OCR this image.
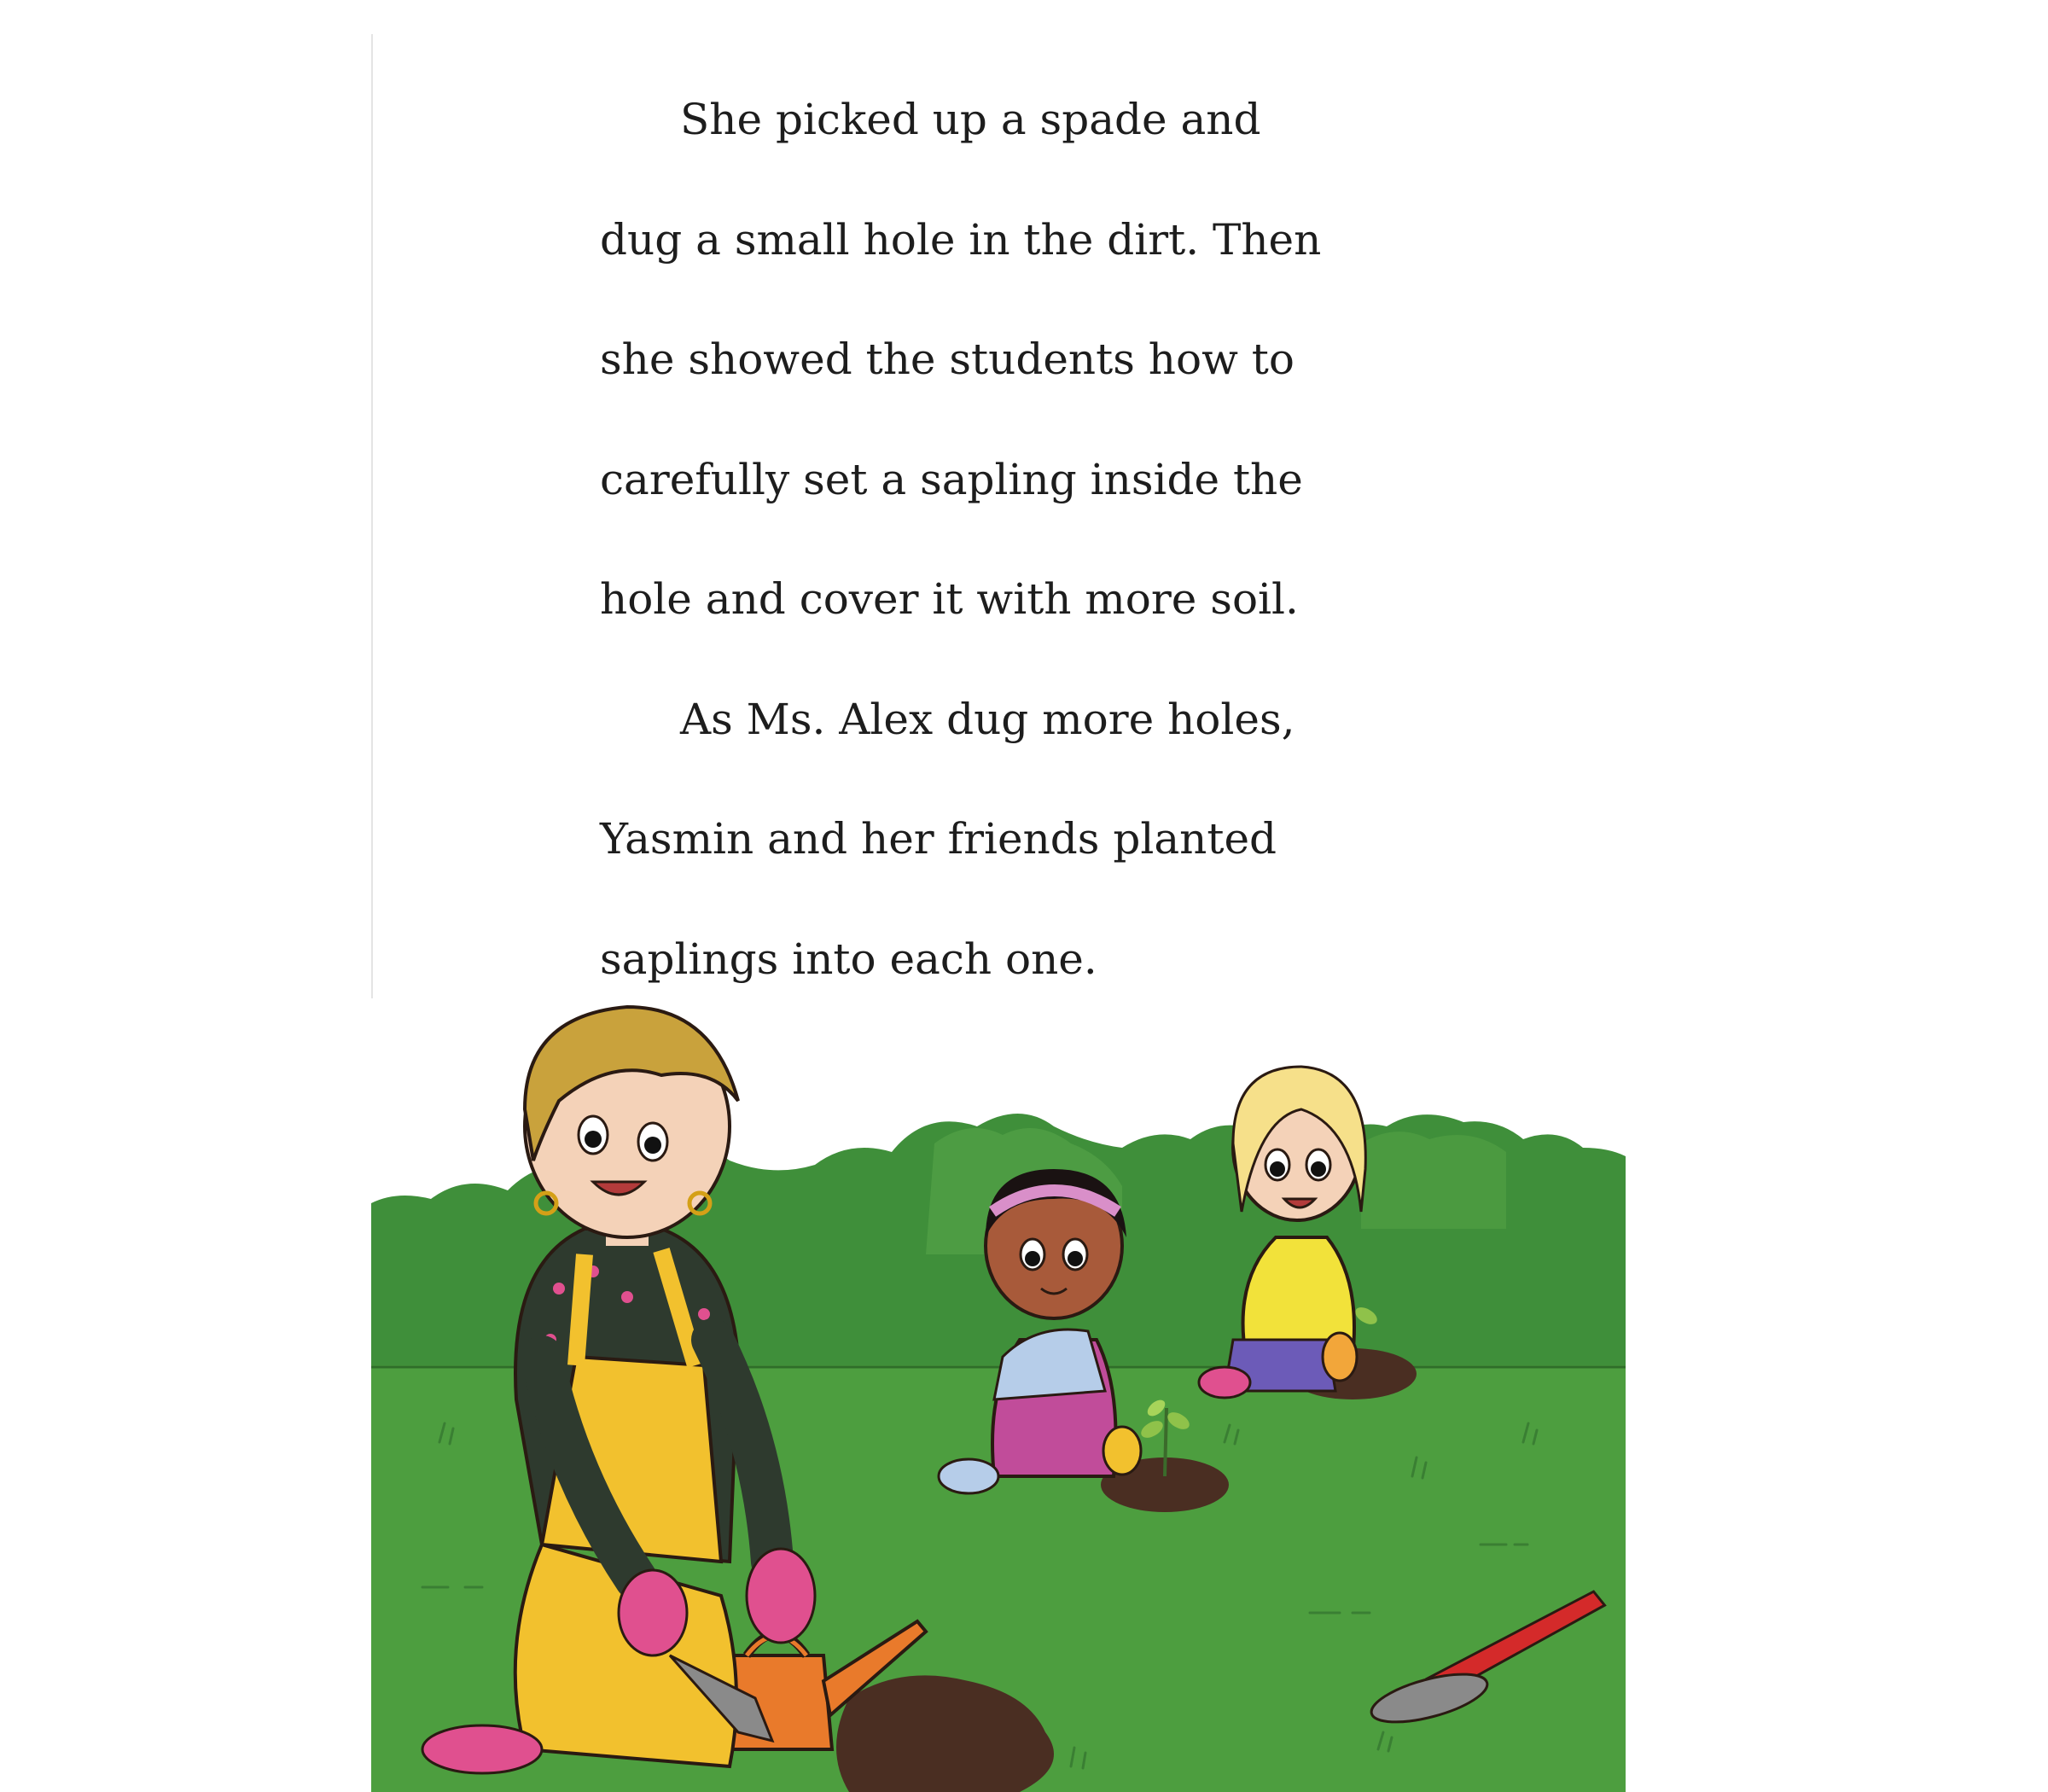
She picked up a spade and
dug a small hole in the dirt. Then
she showed the students how to
carefully set a sapling inside the
hole and cover it with more soil.
As Ms. Alex dug more holes,
Yasmin and her friends planted
saplings into each one.
